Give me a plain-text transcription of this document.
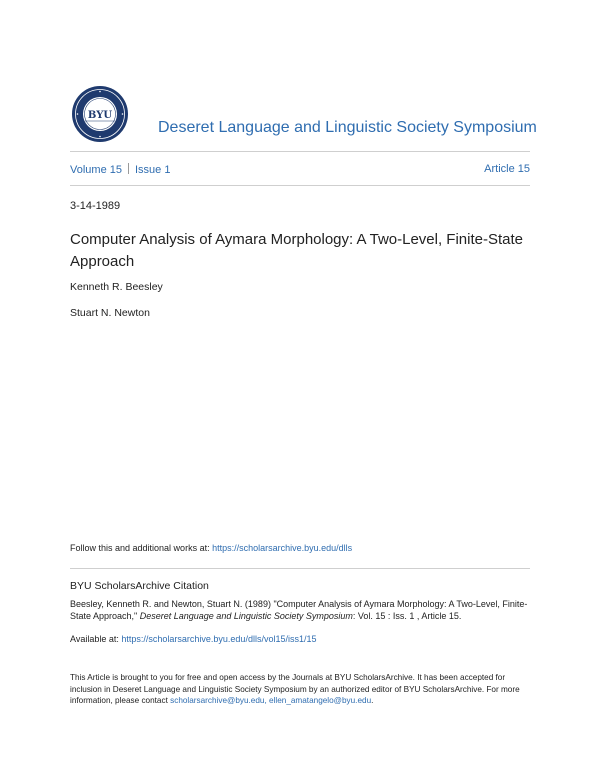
BYU
Deseret Language and Linguistic Society Symposium
Volume 15 Issue 1	Article 15
3-14-1989
Computer Analysis of Aymara Morphology: A Two-Level, Finite-State Approach
Kenneth R. Beesley
Stuart N. Newton
Follow this and additional works at: https://scholarsarchive.byu.edu/dlls
BYU ScholarsArchive Citation
Beesley, Kenneth R. and Newton, Stuart N. (1989) "Computer Analysis of Aymara Morphology: A Two-Level, Finite-State Approach," Deseret Language and Linguistic Society Symposium: Vol. 15 : Iss. 1 , Article 15.
Available at: https://scholarsarchive.byu.edu/dlls/vol15/iss1/15
This Article is brought to you for free and open access by the Journals at BYU ScholarsArchive. It has been accepted for inclusion in Deseret Language and Linguistic Society Symposium by an authorized editor of BYU ScholarsArchive. For more information, please contact scholarsarchive@byu.edu, ellen_amatangelo@byu.edu.
